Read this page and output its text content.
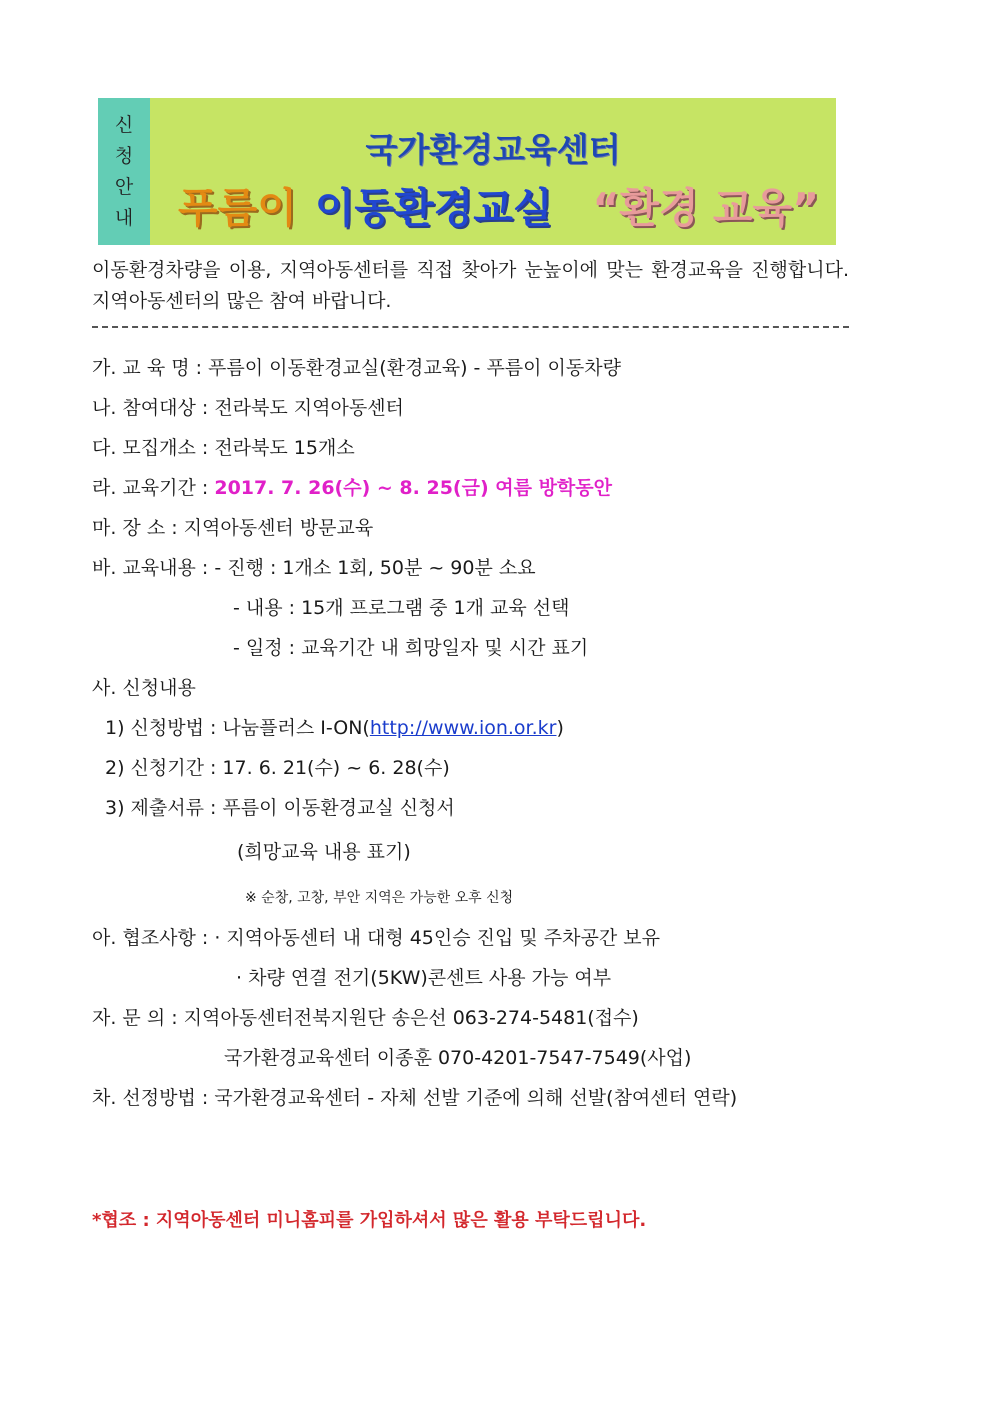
신
청
안
내
국가환경교육센터
푸름이 이동환경교실 “환경 교육”
이동환경차량을 이용, 지역아동센터를 직접 찾아가 눈높이에 맞는 환경교육을 진행합니다. 지역아동센터의 많은 참여 바랍니다.
가. 교 육 명 : 푸름이 이동환경교실(환경교육) - 푸름이 이동차량
나. 참여대상 : 전라북도 지역아동센터
다. 모집개소 : 전라북도 15개소
라. 교육기간 : 2017. 7. 26(수) ~ 8. 25(금) 여름 방학동안
마. 장 소 : 지역아동센터 방문교육
바. 교육내용 : - 진행 : 1개소 1회, 50분 ~ 90분 소요
- 내용 : 15개 프로그램 중 1개 교육 선택
- 일정 : 교육기간 내 희망일자 및 시간 표기
사. 신청내용
1) 신청방법 : 나눔플러스 I-ON(http://www.ion.or.kr)
2) 신청기간 : 17. 6. 21(수) ~ 6. 28(수)
3) 제출서류 : 푸름이 이동환경교실 신청서
(희망교육 내용 표기)
※ 순창, 고창, 부안 지역은 가능한 오후 신청
아. 협조사항 : · 지역아동센터 내 대형 45인승 진입 및 주차공간 보유
· 차량 연결 전기(5KW)콘센트 사용 가능 여부
자. 문 의 : 지역아동센터전북지원단 송은선 063-274-5481(접수)
국가환경교육센터 이종훈 070-4201-7547-7549(사업)
차. 선정방법 : 국가환경교육센터 - 자체 선발 기준에 의해 선발(참여센터 연락)
*협조 : 지역아동센터 미니홈피를 가입하셔서 많은 활용 부탁드립니다.
